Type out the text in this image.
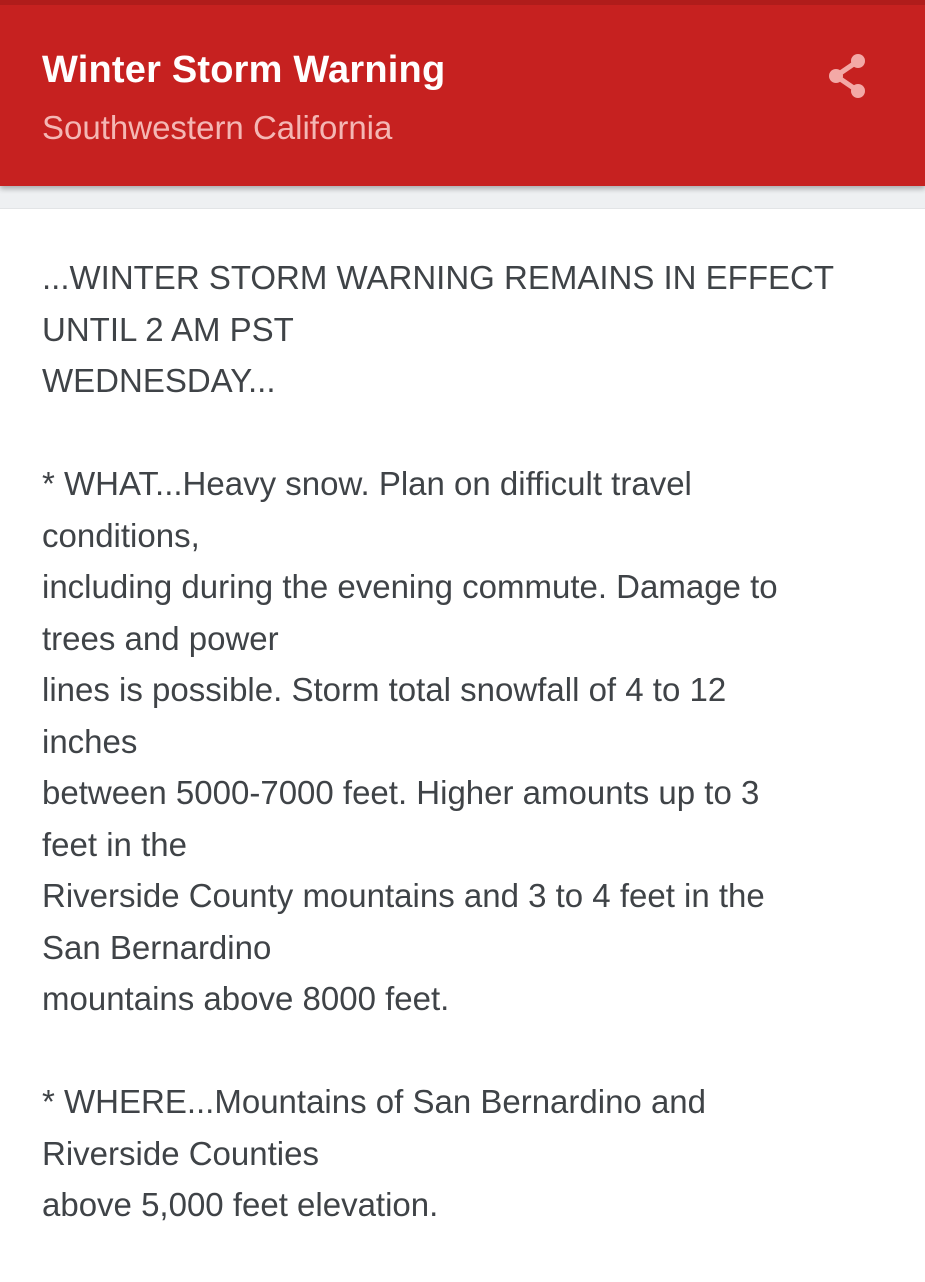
Winter Storm Warning
Southwestern California
...WINTER STORM WARNING REMAINS IN EFFECT
UNTIL 2 AM PST
WEDNESDAY...
* WHAT...Heavy snow. Plan on difficult travel
conditions,
including during the evening commute. Damage to
trees and power
lines is possible. Storm total snowfall of 4 to 12
inches
between 5000-7000 feet. Higher amounts up to 3
feet in the
Riverside County mountains and 3 to 4 feet in the
San Bernardino
mountains above 8000 feet.
* WHERE...Mountains of San Bernardino and
Riverside Counties
above 5,000 feet elevation.
